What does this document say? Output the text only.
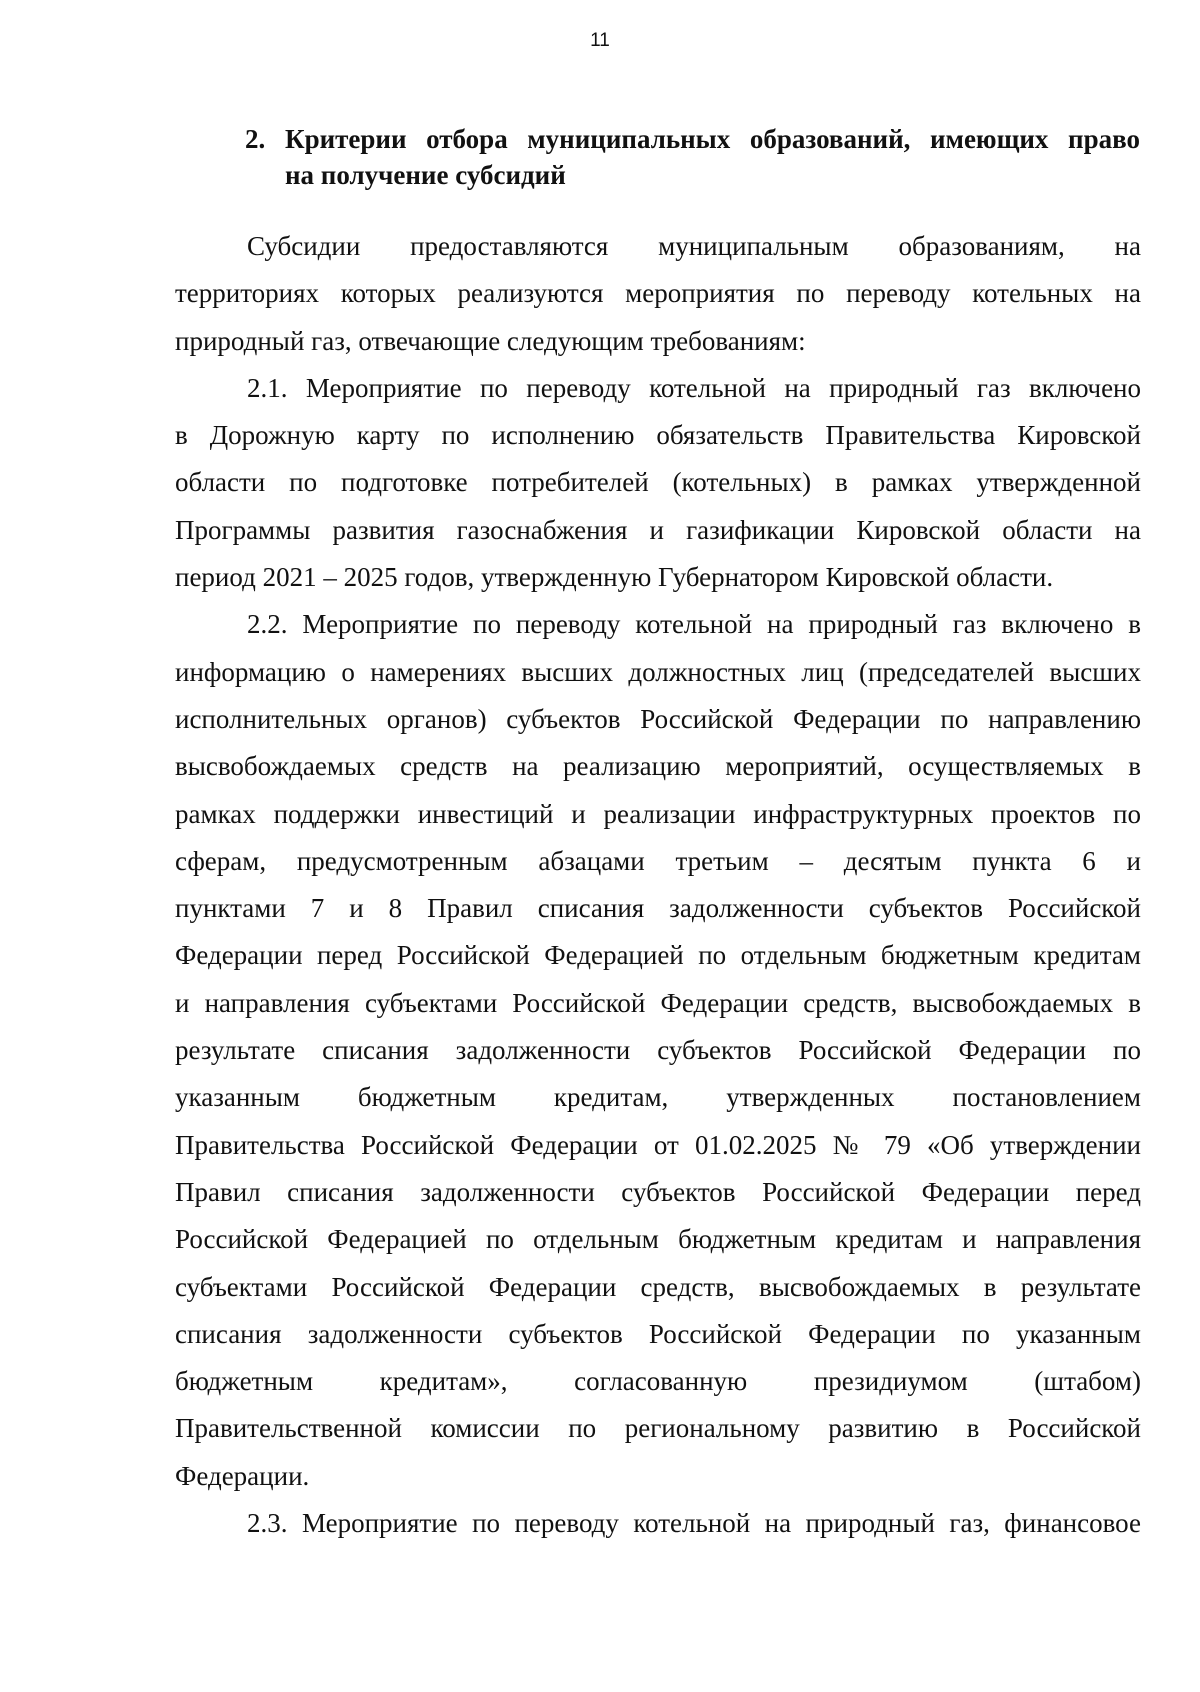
11
2. Критерии отбора муниципальных образований, имеющих право
на получение субсидий
Субсидии предоставляются муниципальным образованиям, на
территориях которых реализуются мероприятия по переводу котельных на
природный газ, отвечающие следующим требованиям:
2.1. Мероприятие по переводу котельной на природный газ включено
в Дорожную карту по исполнению обязательств Правительства Кировской
области по подготовке потребителей (котельных) в рамках утвержденной
Программы развития газоснабжения и газификации Кировской области на
период 2021 – 2025 годов, утвержденную Губернатором Кировской области.
2.2. Мероприятие по переводу котельной на природный газ включено в
информацию о намерениях высших должностных лиц (председателей высших
исполнительных органов) субъектов Российской Федерации по направлению
высвобождаемых средств на реализацию мероприятий, осуществляемых в
рамках поддержки инвестиций и реализации инфраструктурных проектов по
сферам, предусмотренным абзацами третьим – десятым пункта 6 и
пунктами 7 и 8 Правил списания задолженности субъектов Российской
Федерации перед Российской Федерацией по отдельным бюджетным кредитам
и направления субъектами Российской Федерации средств, высвобождаемых в
результате списания задолженности субъектов Российской Федерации по
указанным бюджетным кредитам, утвержденных постановлением
Правительства Российской Федерации от 01.02.2025 № 79 «Об утверждении
Правил списания задолженности субъектов Российской Федерации перед
Российской Федерацией по отдельным бюджетным кредитам и направления
субъектами Российской Федерации средств, высвобождаемых в результате
списания задолженности субъектов Российской Федерации по указанным
бюджетным кредитам», согласованную президиумом (штабом)
Правительственной комиссии по региональному развитию в Российской
Федерации.
2.3. Мероприятие по переводу котельной на природный газ, финансовое
